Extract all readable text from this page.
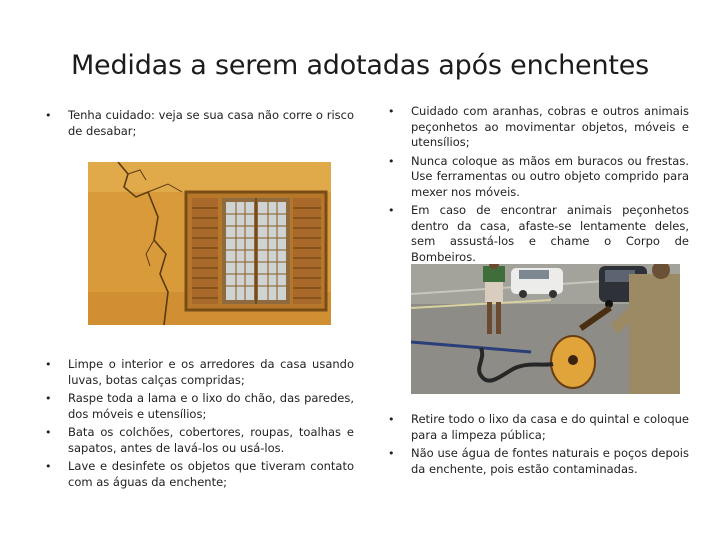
Medidas a serem adotadas após enchentes
• Tenha cuidado: veja se sua casa não corre o risco de desabar;
• Limpe o interior e os arredores da casa usando luvas, botas calças compridas;
• Raspe toda a lama e o lixo do chão, das paredes, dos móveis e utensílios;
• Bata os colchões, cobertores, roupas, toalhas e sapatos, antes de lavá-los ou usá-los.
• Lave e desinfete os objetos que tiveram contato com as águas da enchente;
• Cuidado com aranhas, cobras e outros animais peçonhetos ao movimentar objetos, móveis e utensílios;
• Nunca coloque as mãos em buracos ou frestas. Use ferramentas ou outro objeto comprido para mexer nos móveis.
• Em caso de encontrar animais peçonhetos dentro da casa, afaste-se lentamente deles, sem assustá-los e chame o Corpo de Bombeiros.
• Retire todo o lixo da casa e do quintal e coloque para a limpeza pública;
• Não use água de fontes naturais e poços depois da enchente, pois estão contaminadas.
